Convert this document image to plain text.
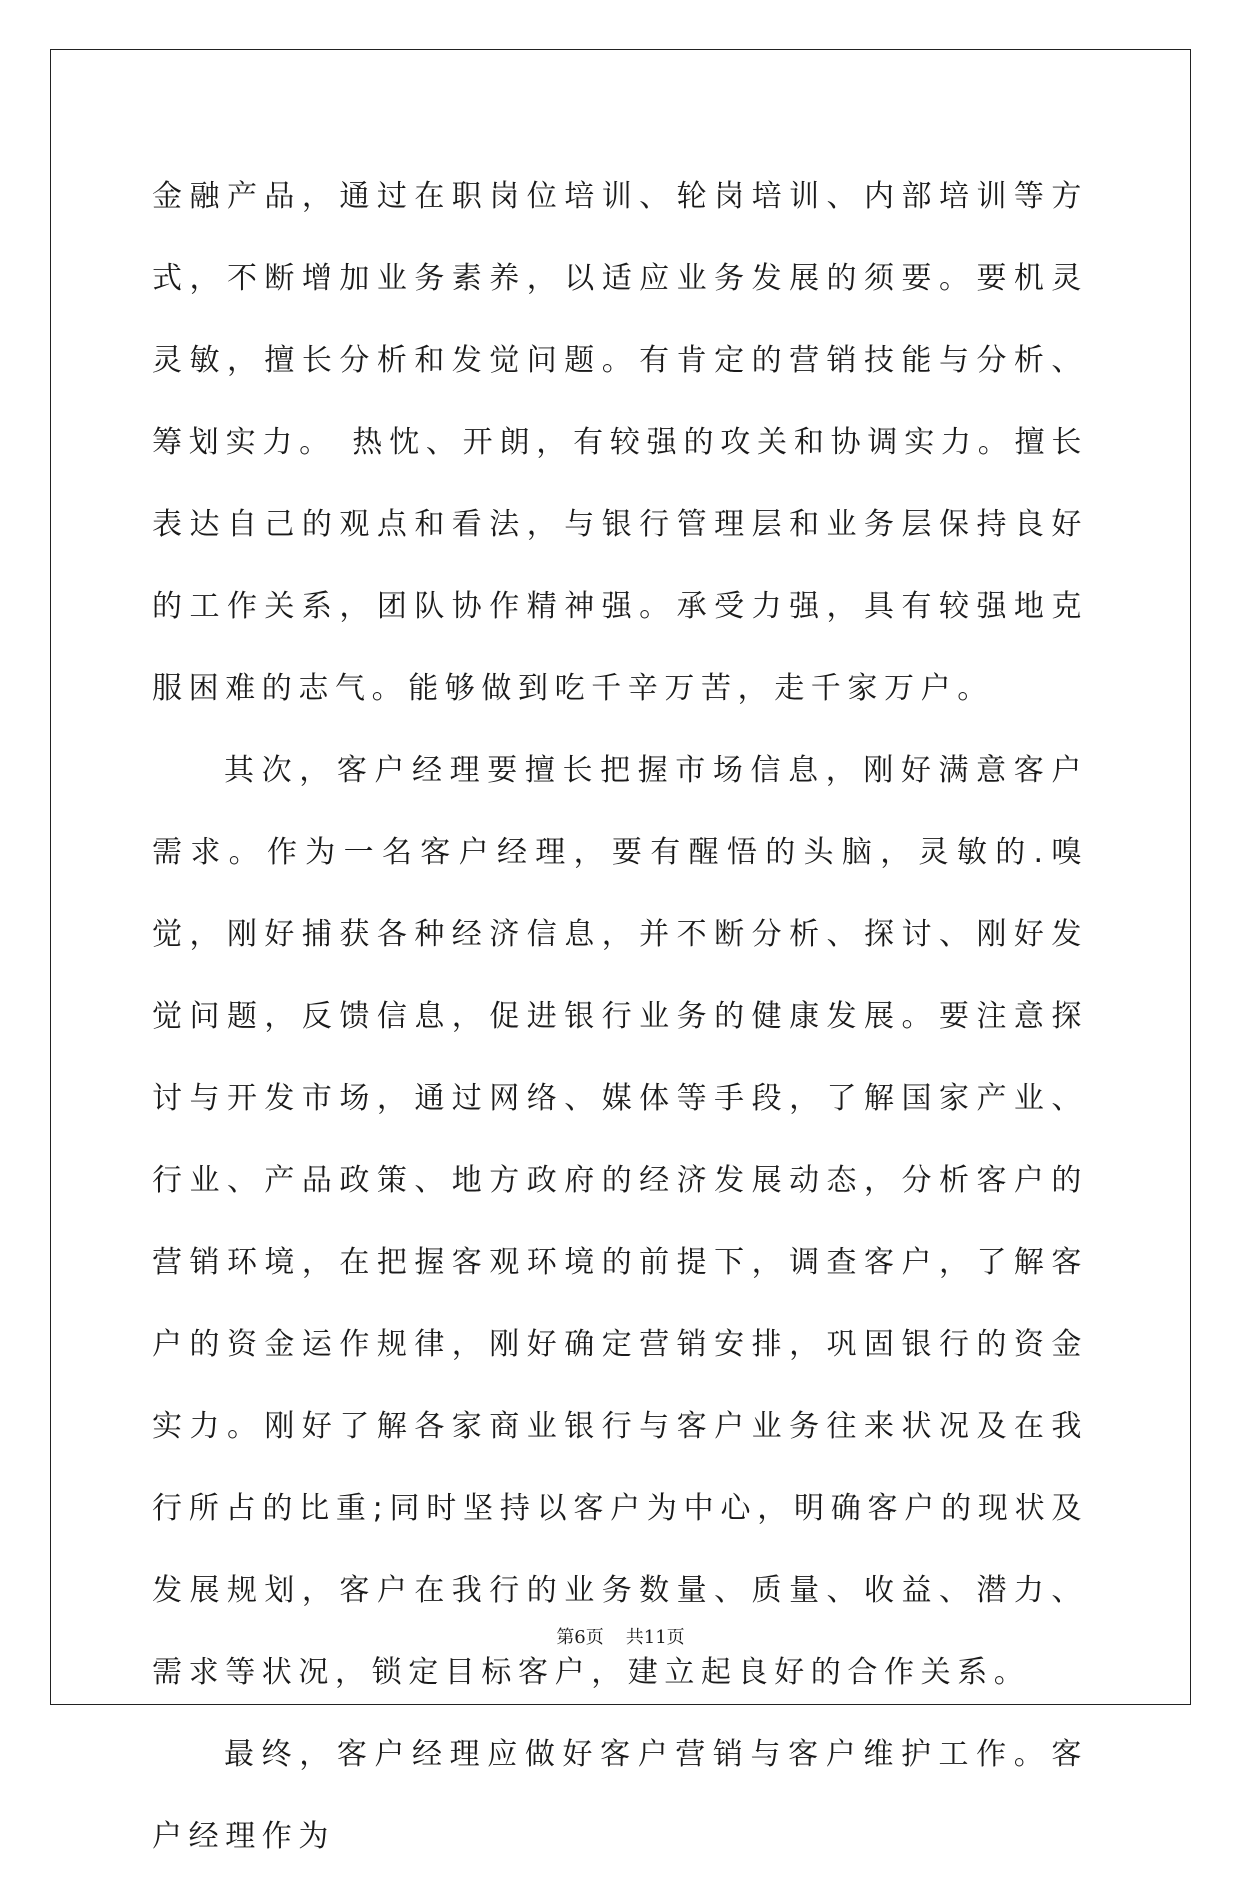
金融产品，通过在职岗位培训、轮岗培训、内部培训等方式，不断增加业务素养，以适应业务发展的须要。要机灵灵敏，擅长分析和发觉问题。有肯定的营销技能与分析、筹划实力。 热忱、开朗，有较强的攻关和协调实力。擅长表达自己的观点和看法，与银行管理层和业务层保持良好的工作关系，团队协作精神强。承受力强，具有较强地克服困难的志气。能够做到吃千辛万苦，走千家万户。

其次，客户经理要擅长把握市场信息，刚好满意客户需求。作为一名客户经理，要有醒悟的头脑，灵敏的.嗅觉，刚好捕获各种经济信息，并不断分析、探讨、刚好发觉问题，反馈信息，促进银行业务的健康发展。要注意探讨与开发市场，通过网络、媒体等手段，了解国家产业、行业、产品政策、地方政府的经济发展动态，分析客户的营销环境，在把握客观环境的前提下，调查客户，了解客户的资金运作规律，刚好确定营销安排，巩固银行的资金实力。刚好了解各家商业银行与客户业务往来状况及在我行所占的比重;同时坚持以客户为中心，明确客户的现状及发展规划，客户在我行的业务数量、质量、收益、潜力、需求等状况，锁定目标客户，建立起良好的合作关系。

最终，客户经理应做好客户营销与客户维护工作。客户经理作为

第6页 共11页
